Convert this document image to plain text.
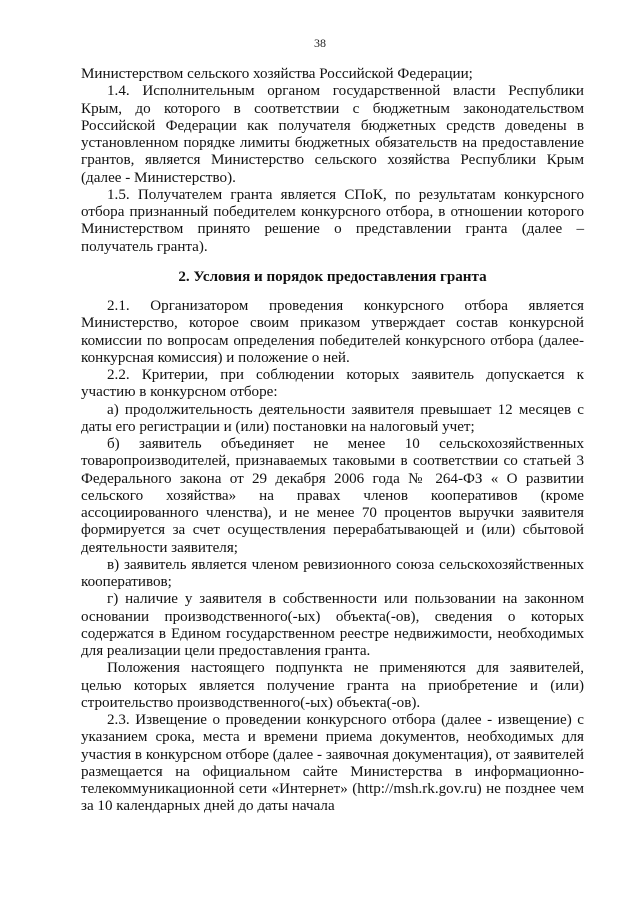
38

Министерством сельского хозяйства Российской Федерации;

1.4. Исполнительным органом государственной власти Республики Крым, до которого в соответствии с бюджетным законодательством Российской Федерации как получателя бюджетных средств доведены в установленном порядке лимиты бюджетных обязательств на предоставление грантов, является Министерство сельского хозяйства Республики Крым (далее - Министерство).

1.5. Получателем гранта является СПоК, по результатам конкурсного отбора признанный победителем конкурсного отбора, в отношении которого Министерством принято решение о представлении гранта (далее – получатель гранта).

2. Условия и порядок предоставления гранта

2.1. Организатором проведения конкурсного отбора является Министерство, которое своим приказом утверждает состав конкурсной комиссии по вопросам определения победителей конкурсного отбора (далее- конкурсная комиссия) и положение о ней.

2.2. Критерии, при соблюдении которых заявитель допускается к участию в конкурсном отборе:

а) продолжительность деятельности заявителя превышает 12 месяцев с даты его регистрации и (или) постановки на налоговый учет;

б) заявитель объединяет не менее 10 сельскохозяйственных товаропроизводителей, признаваемых таковыми в соответствии со статьей 3 Федерального закона от 29 декабря 2006 года № 264-ФЗ « О развитии сельского хозяйства» на правах членов кооперативов (кроме ассоциированного членства), и не менее 70 процентов выручки заявителя формируется за счет осуществления перерабатывающей и (или) сбытовой деятельности заявителя;

в) заявитель является членом ревизионного союза сельскохозяйственных кооперативов;

г) наличие у заявителя в собственности или пользовании на законном основании производственного(-ых) объекта(-ов), сведения о которых содержатся в Едином государственном реестре недвижимости, необходимых для реализации цели предоставления гранта.

Положения настоящего подпункта не применяются для заявителей, целью которых является получение гранта на приобретение и (или) строительство производственного(-ых) объекта(-ов).

2.3. Извещение о проведении конкурсного отбора (далее - извещение) с указанием срока, места и времени приема документов, необходимых для участия в конкурсном отборе (далее - заявочная документация), от заявителей размещается на официальном сайте Министерства в информационно-телекоммуникационной сети «Интернет» (http://msh.rk.gov.ru) не позднее чем за 10 календарных дней до даты начала
